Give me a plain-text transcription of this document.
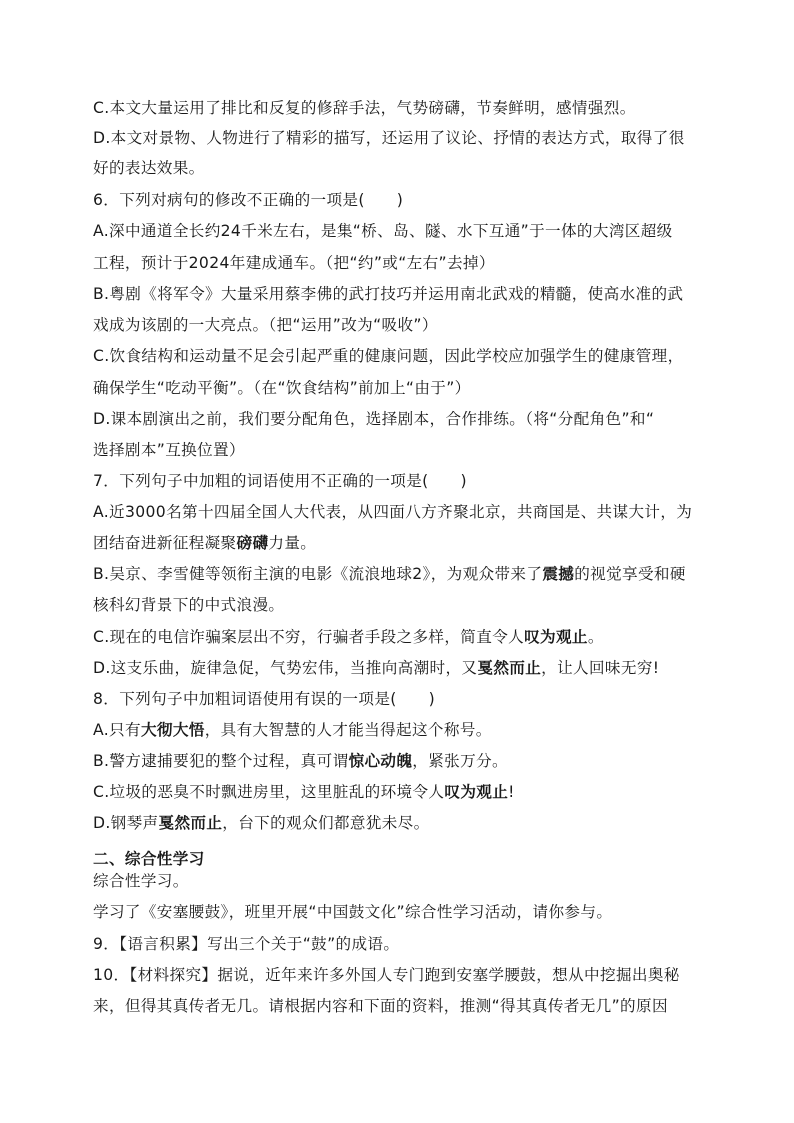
C.本文大量运用了排比和反复的修辞手法，气势磅礴，节奏鲜明，感情强烈。
D.本文对景物、人物进行了精彩的描写，还运用了议论、抒情的表达方式，取得了很
好的表达效果。
6．下列对病句的修改不正确的一项是(　　)
A.深中通道全长约24千米左右，是集“桥、岛、隧、水下互通”于一体的大湾区超级
工程，预计于2024年建成通车。（把“约”或“左右”去掉）
B.粤剧《将军令》大量采用蔡李佛的武打技巧并运用南北武戏的精髓，使高水准的武
戏成为该剧的一大亮点。（把“运用”改为“吸收”）
C.饮食结构和运动量不足会引起严重的健康问题，因此学校应加强学生的健康管理，
确保学生“吃动平衡”。（在“饮食结构”前加上“由于”）
D.课本剧演出之前，我们要分配角色，选择剧本，合作排练。（将“分配角色”和“
选择剧本”互换位置）
7．下列句子中加粗的词语使用不正确的一项是(　　)
A.近3000名第十四届全国人大代表，从四面八方齐聚北京，共商国是、共谋大计，为
团结奋进新征程凝聚磅礴力量。
B.吴京、李雪健等领衔主演的电影《流浪地球2》，为观众带来了震撼的视觉享受和硬
核科幻背景下的中式浪漫。
C.现在的电信诈骗案层出不穷，行骗者手段之多样，简直令人叹为观止。
D.这支乐曲，旋律急促，气势宏伟，当推向高潮时，又戛然而止，让人回味无穷!
8．下列句子中加粗词语使用有误的一项是(　　)
A.只有大彻大悟，具有大智慧的人才能当得起这个称号。
B.警方逮捕要犯的整个过程，真可谓惊心动魄，紧张万分。
C.垃圾的恶臭不时飘进房里，这里脏乱的环境令人叹为观止!
D.钢琴声戛然而止，台下的观众们都意犹未尽。
二、综合性学习
综合性学习。
学习了《安塞腰鼓》，班里开展“中国鼓文化”综合性学习活动，请你参与。
9．【语言积累】写出三个关于“鼓”的成语。
10．【材料探究】据说，近年来许多外国人专门跑到安塞学腰鼓，想从中挖掘出奥秘
来，但得其真传者无几。请根据内容和下面的资料，推测“得其真传者无几”的原因
